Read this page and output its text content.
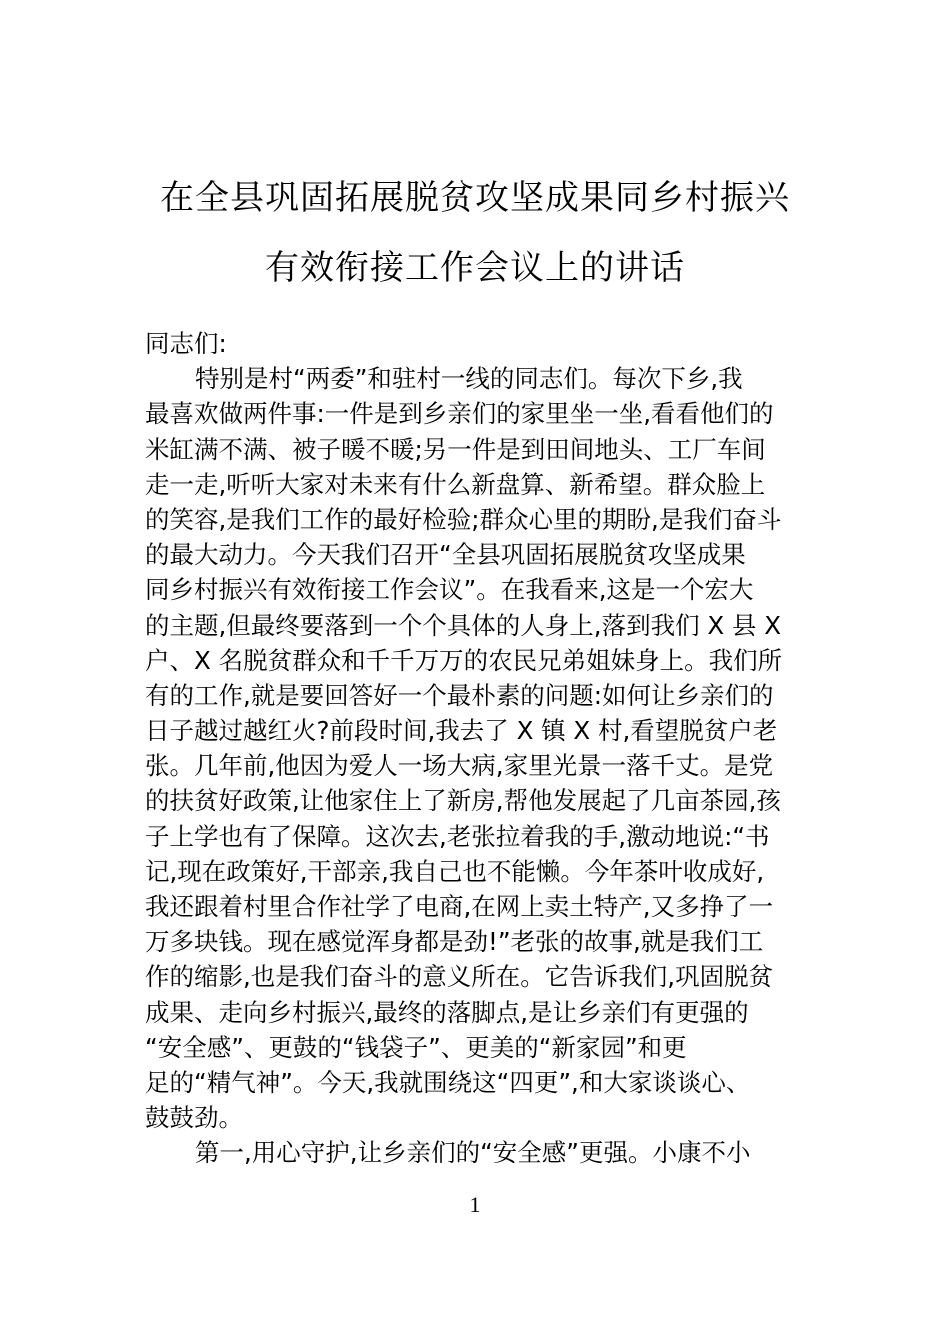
在全县巩固拓展脱贫攻坚成果同乡村振兴
有效衔接工作会议上的讲话
同志们:
特别是村“两委”和驻村一线的同志们。每次下乡,我
最喜欢做两件事:一件是到乡亲们的家里坐一坐,看看他们的
米缸满不满、被子暖不暖;另一件是到田间地头、工厂车间
走一走,听听大家对未来有什么新盘算、新希望。群众脸上
的笑容,是我们工作的最好检验;群众心里的期盼,是我们奋斗
的最大动力。今天我们召开“全县巩固拓展脱贫攻坚成果
同乡村振兴有效衔接工作会议”。在我看来,这是一个宏大
的主题,但最终要落到一个个具体的人身上,落到我们 X 县 X
户、X 名脱贫群众和千千万万的农民兄弟姐妹身上。我们所
有的工作,就是要回答好一个最朴素的问题:如何让乡亲们的
日子越过越红火?前段时间,我去了 X 镇 X 村,看望脱贫户老
张。几年前,他因为爱人一场大病,家里光景一落千丈。是党
的扶贫好政策,让他家住上了新房,帮他发展起了几亩茶园,孩
子上学也有了保障。这次去,老张拉着我的手,激动地说:“书
记,现在政策好,干部亲,我自己也不能懒。今年茶叶收成好,
我还跟着村里合作社学了电商,在网上卖土特产,又多挣了一
万多块钱。现在感觉浑身都是劲!”老张的故事,就是我们工
作的缩影,也是我们奋斗的意义所在。它告诉我们,巩固脱贫
成果、走向乡村振兴,最终的落脚点,是让乡亲们有更强的
“安全感”、更鼓的“钱袋子”、更美的“新家园”和更
足的“精气神”。今天,我就围绕这“四更”,和大家谈谈心、
鼓鼓劲。
第一,用心守护,让乡亲们的“安全感”更强。小康不小
1
